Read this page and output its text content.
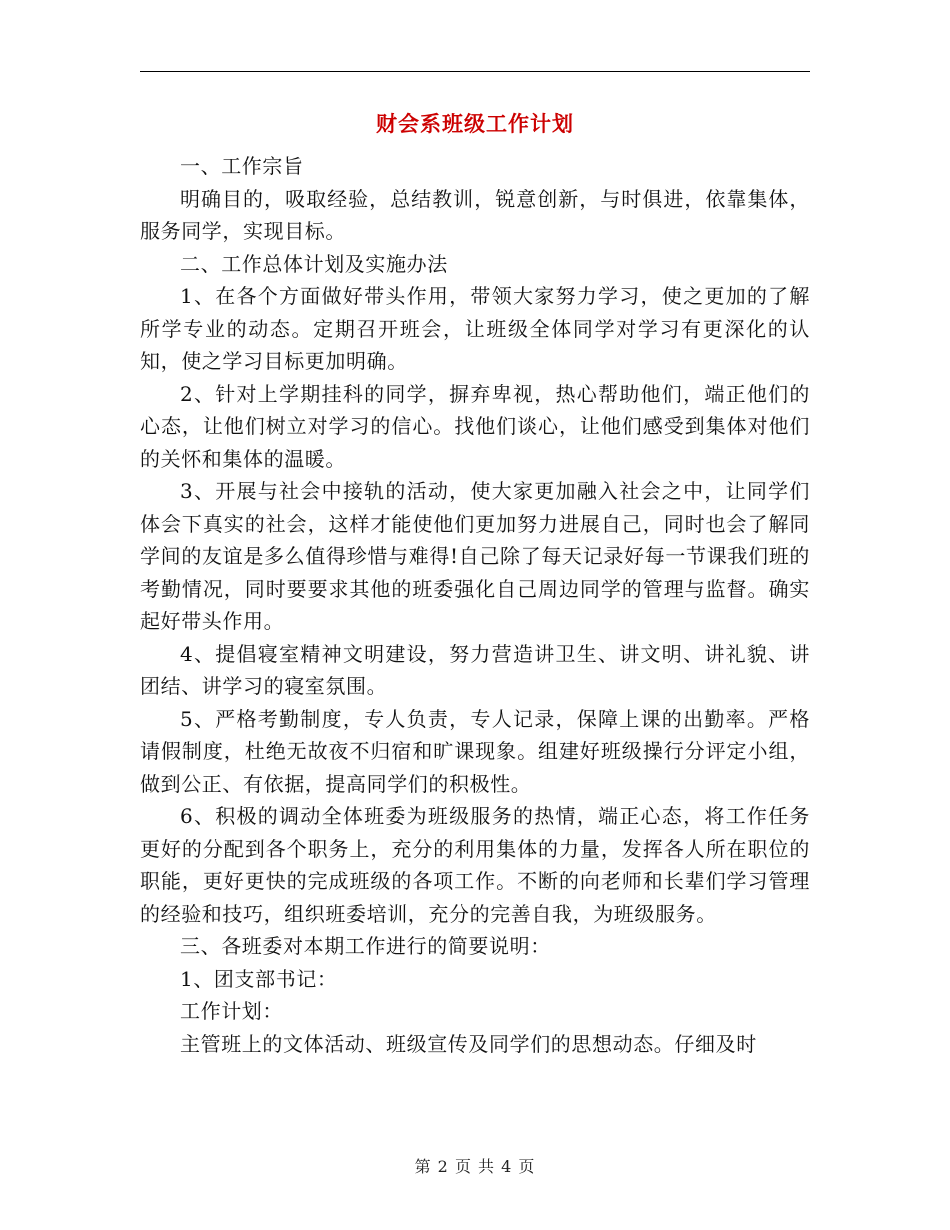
财会系班级工作计划

一、工作宗旨

明确目的，吸取经验，总结教训，锐意创新，与时俱进，依靠集体，服务同学，实现目标。

二、工作总体计划及实施办法

1、在各个方面做好带头作用，带领大家努力学习，使之更加的了解所学专业的动态。定期召开班会，让班级全体同学对学习有更深化的认知，使之学习目标更加明确。

2、针对上学期挂科的同学，摒弃卑视，热心帮助他们，端正他们的心态，让他们树立对学习的信心。找他们谈心，让他们感受到集体对他们的关怀和集体的温暖。

3、开展与社会中接轨的活动，使大家更加融入社会之中，让同学们体会下真实的社会，这样才能使他们更加努力进展自己，同时也会了解同学间的友谊是多么值得珍惜与难得!自己除了每天记录好每一节课我们班的考勤情况，同时要要求其他的班委强化自己周边同学的管理与监督。确实起好带头作用。

4、提倡寝室精神文明建设，努力营造讲卫生、讲文明、讲礼貌、讲团结、讲学习的寝室氛围。

5、严格考勤制度，专人负责，专人记录，保障上课的出勤率。严格请假制度，杜绝无故夜不归宿和旷课现象。组建好班级操行分评定小组，做到公正、有依据，提高同学们的积极性。

6、积极的调动全体班委为班级服务的热情，端正心态，将工作任务更好的分配到各个职务上，充分的利用集体的力量，发挥各人所在职位的职能，更好更快的完成班级的各项工作。不断的向老师和长辈们学习管理的经验和技巧，组织班委培训，充分的完善自我，为班级服务。

三、各班委对本期工作进行的简要说明：

1、团支部书记：

工作计划：

主管班上的文体活动、班级宣传及同学们的思想动态。仔细及时

第 2 页 共 4 页
